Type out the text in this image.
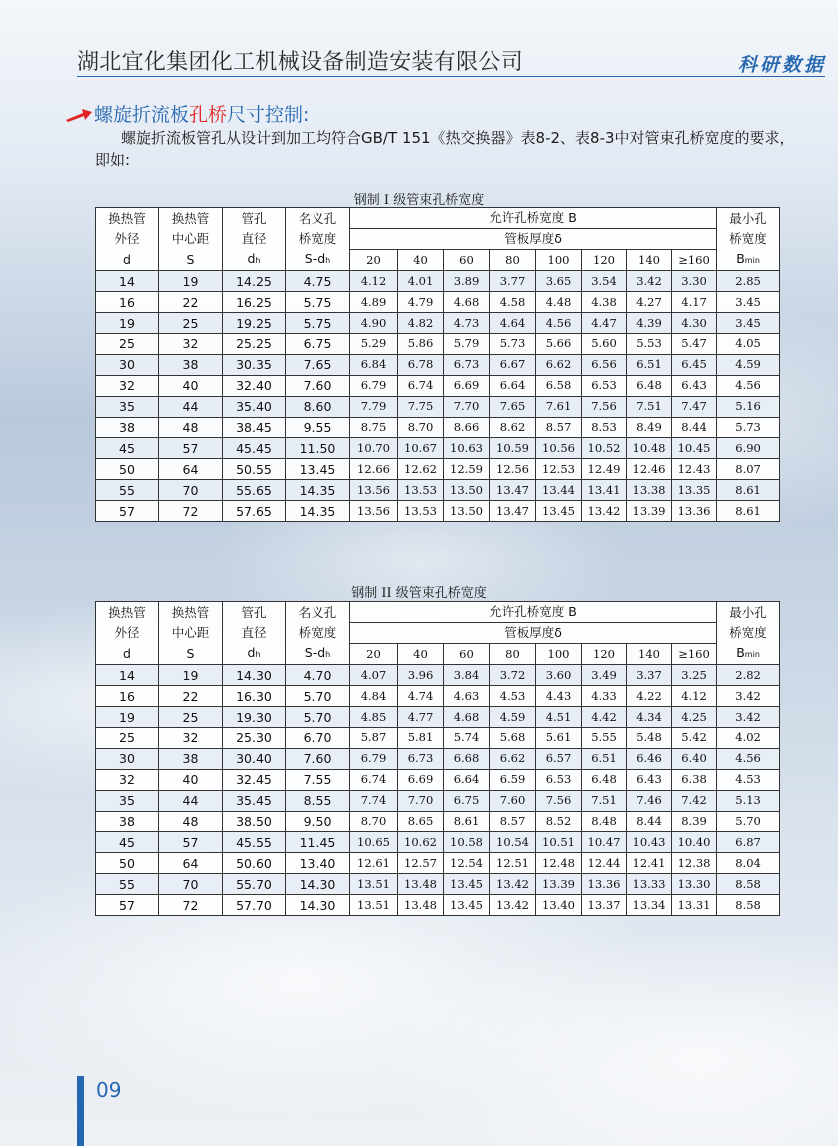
湖北宜化集团化工机械设备制造安装有限公司	科研数据
螺旋折流板孔桥尺寸控制:
螺旋折流板管孔从设计到加工均符合GB/T 151《热交换器》表8-2、表8-3中对管束孔桥宽度的要求，即如:
钢制 I 级管束孔桥宽度
换热管	换热管	管孔	名义孔	允许孔桥宽度 B								最小孔
外径	中心距	直径	桥宽度	管板厚度δ								桥宽度
d	S	dh	S-dh	20	40	60	80	100	120	140	≥160	Bmin
14	19	14.25	4.75	4.12	4.01	3.89	3.77	3.65	3.54	3.42	3.30	2.85
16	22	16.25	5.75	4.89	4.79	4.68	4.58	4.48	4.38	4.27	4.17	3.45
19	25	19.25	5.75	4.90	4.82	4.73	4.64	4.56	4.47	4.39	4.30	3.45
25	32	25.25	6.75	5.29	5.86	5.79	5.73	5.66	5.60	5.53	5.47	4.05
30	38	30.35	7.65	6.84	6.78	6.73	6.67	6.62	6.56	6.51	6.45	4.59
32	40	32.40	7.60	6.79	6.74	6.69	6.64	6.58	6.53	6.48	6.43	4.56
35	44	35.40	8.60	7.79	7.75	7.70	7.65	7.61	7.56	7.51	7.47	5.16
38	48	38.45	9.55	8.75	8.70	8.66	8.62	8.57	8.53	8.49	8.44	5.73
45	57	45.45	11.50	10.70	10.67	10.63	10.59	10.56	10.52	10.48	10.45	6.90
50	64	50.55	13.45	12.66	12.62	12.59	12.56	12.53	12.49	12.46	12.43	8.07
55	70	55.65	14.35	13.56	13.53	13.50	13.47	13.44	13.41	13.38	13.35	8.61
57	72	57.65	14.35	13.56	13.53	13.50	13.47	13.45	13.42	13.39	13.36	8.61
钢制 II 级管束孔桥宽度
换热管	换热管	管孔	名义孔	允许孔桥宽度 B								最小孔
外径	中心距	直径	桥宽度	管板厚度δ								桥宽度
d	S	dh	S-dh	20	40	60	80	100	120	140	≥160	Bmin
14	19	14.30	4.70	4.07	3.96	3.84	3.72	3.60	3.49	3.37	3.25	2.82
16	22	16.30	5.70	4.84	4.74	4.63	4.53	4.43	4.33	4.22	4.12	3.42
19	25	19.30	5.70	4.85	4.77	4.68	4.59	4.51	4.42	4.34	4.25	3.42
25	32	25.30	6.70	5.87	5.81	5.74	5.68	5.61	5.55	5.48	5.42	4.02
30	38	30.40	7.60	6.79	6.73	6.68	6.62	6.57	6.51	6.46	6.40	4.56
32	40	32.45	7.55	6.74	6.69	6.64	6.59	6.53	6.48	6.43	6.38	4.53
35	44	35.45	8.55	7.74	7.70	6.75	7.60	7.56	7.51	7.46	7.42	5.13
38	48	38.50	9.50	8.70	8.65	8.61	8.57	8.52	8.48	8.44	8.39	5.70
45	57	45.55	11.45	10.65	10.62	10.58	10.54	10.51	10.47	10.43	10.40	6.87
50	64	50.60	13.40	12.61	12.57	12.54	12.51	12.48	12.44	12.41	12.38	8.04
55	70	55.70	14.30	13.51	13.48	13.45	13.42	13.39	13.36	13.33	13.30	8.58
57	72	57.70	14.30	13.51	13.48	13.45	13.42	13.40	13.37	13.34	13.31	8.58
09
